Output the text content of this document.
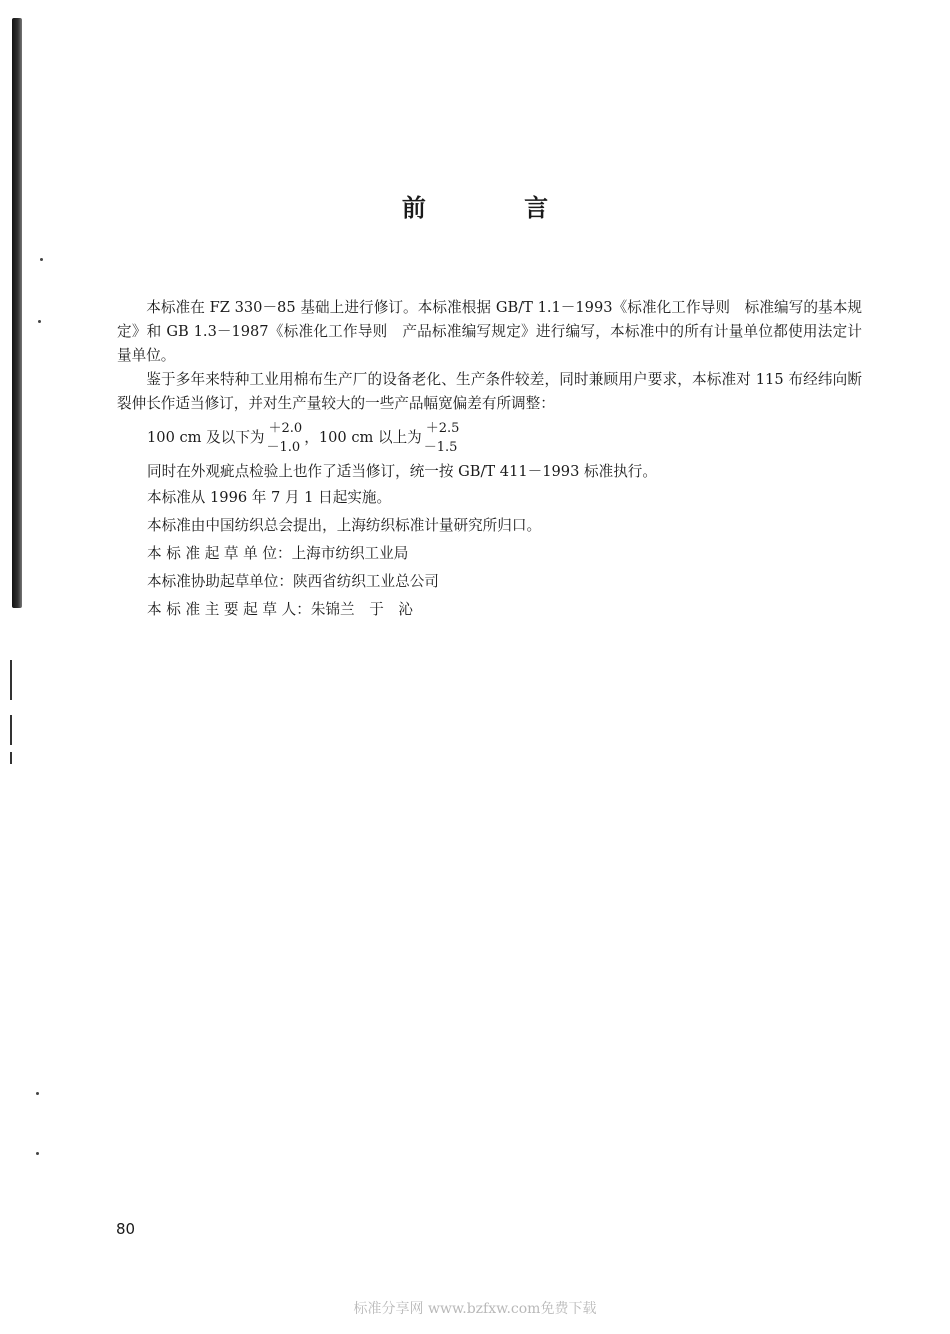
前	言

本标准在 FZ 330－85 基础上进行修订。本标准根据 GB/T 1.1－1993《标准化工作导则　标准编写的基本规定》和 GB 1.3－1987《标准化工作导则　产品标准编写规定》进行编写，本标准中的所有计量单位都使用法定计量单位。

鉴于多年来特种工业用棉布生产厂的设备老化、生产条件较差，同时兼顾用户要求，本标准对 115 布经纬向断裂伸长作适当修订，并对生产量较大的一些产品幅宽偏差有所调整：

100 cm 及以下为
＋2.0
－1.0
， 100 cm 以上为
＋2.5
－1.5

同时在外观疵点检验上也作了适当修订，统一按 GB/T 411－1993 标准执行。

本标准从 1996 年 7 月 1 日起实施。

本标准由中国纺织总会提出，上海纺织标准计量研究所归口。

本 标 准 起 草 单 位：上海市纺织工业局

本标准协助起草单位：陕西省纺织工业总公司

本 标 准 主 要 起 草 人：朱锦兰　于　沁

80
标准分享网 www.bzfxw.com免费下载
